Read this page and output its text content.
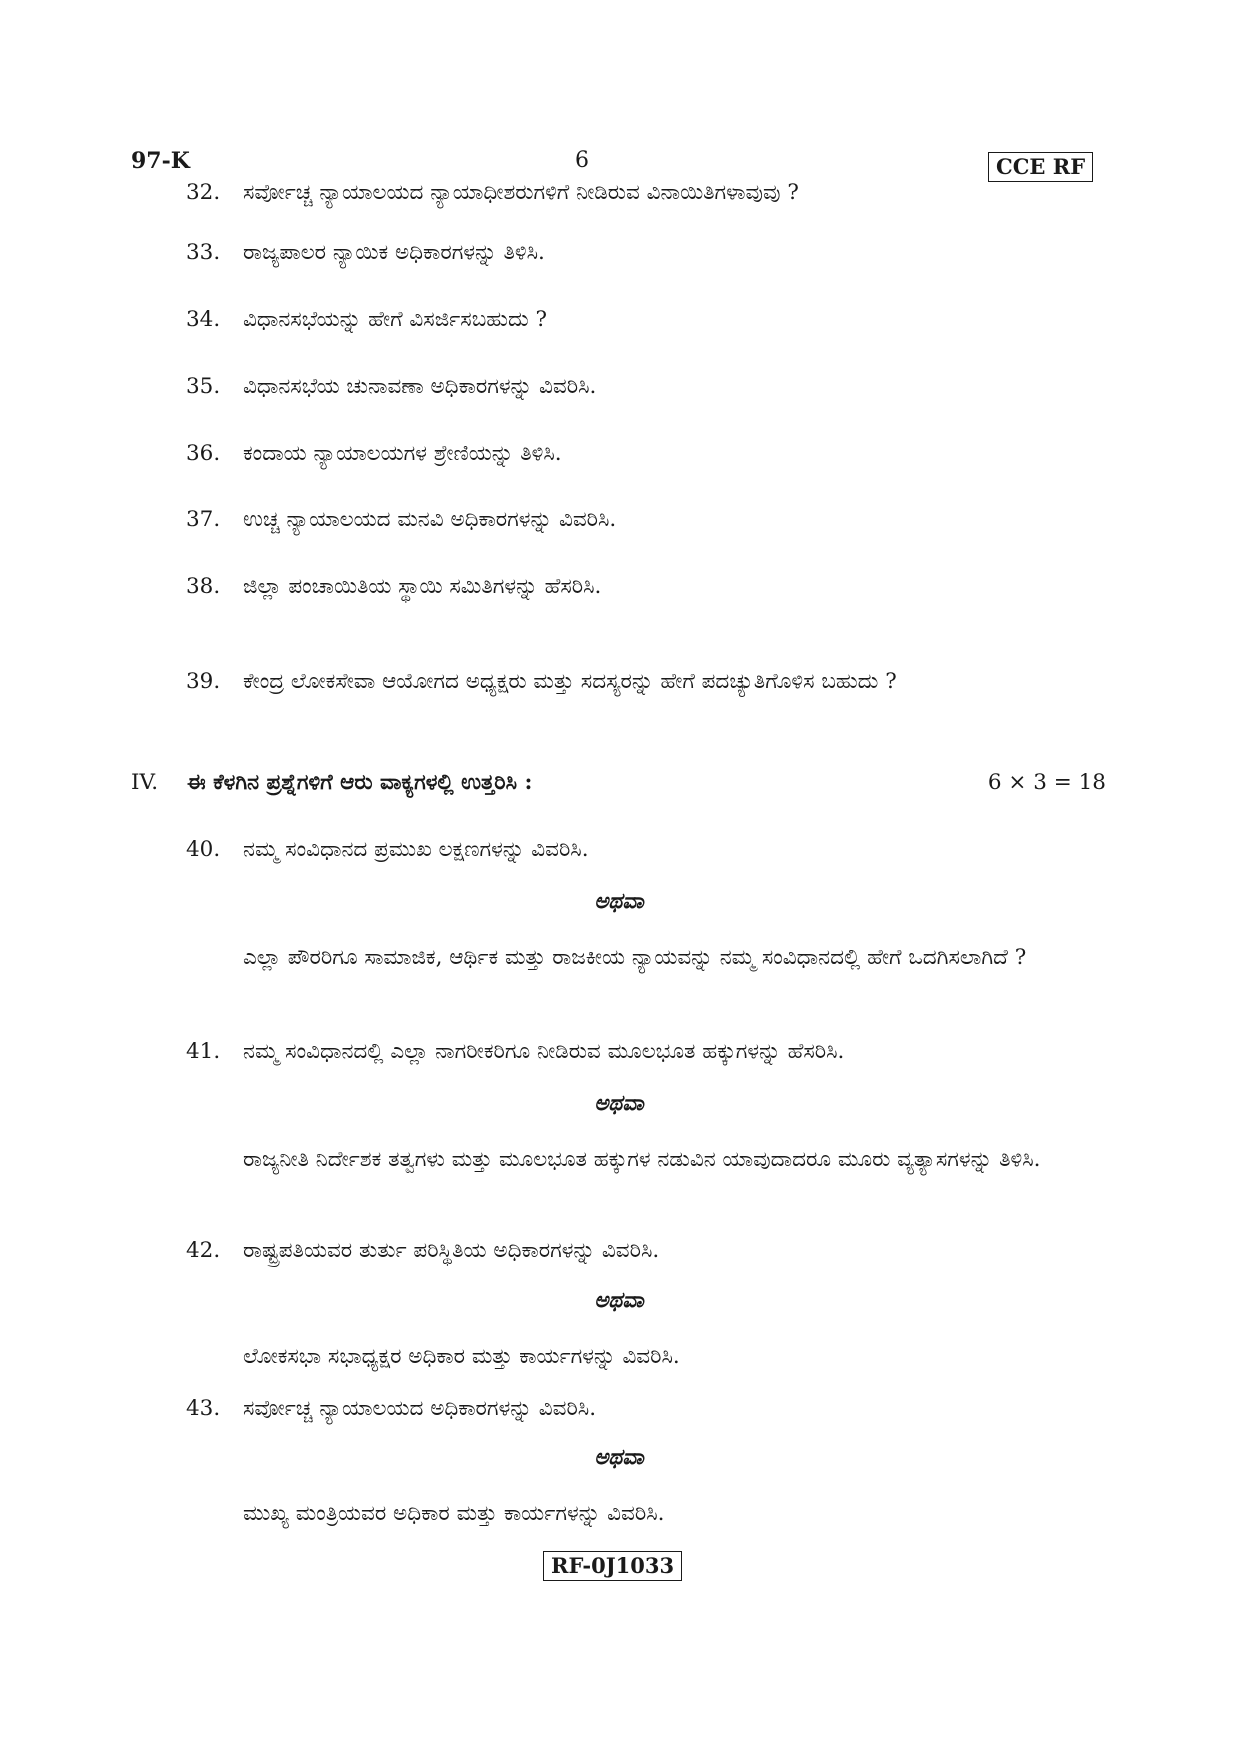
97-K	6	CCE RF
32.	ಸರ್ವೋಚ್ಚ ನ್ಯಾಯಾಲಯದ ನ್ಯಾಯಾಧೀಶರುಗಳಿಗೆ ನೀಡಿರುವ ವಿನಾಯಿತಿಗಳಾವುವು ?
33.	ರಾಜ್ಯಪಾಲರ ನ್ಯಾಯಿಕ ಅಧಿಕಾರಗಳನ್ನು ತಿಳಿಸಿ.
34.	ವಿಧಾನಸಭೆಯನ್ನು ಹೇಗೆ ವಿಸರ್ಜಿಸಬಹುದು ?
35.	ವಿಧಾನಸಭೆಯ ಚುನಾವಣಾ ಅಧಿಕಾರಗಳನ್ನು ವಿವರಿಸಿ.
36.	ಕಂದಾಯ ನ್ಯಾಯಾಲಯಗಳ ಶ್ರೇಣಿಯನ್ನು ತಿಳಿಸಿ.
37.	ಉಚ್ಚ ನ್ಯಾಯಾಲಯದ ಮನವಿ ಅಧಿಕಾರಗಳನ್ನು ವಿವರಿಸಿ.
38.	ಜಿಲ್ಲಾ ಪಂಚಾಯಿತಿಯ ಸ್ಥಾಯಿ ಸಮಿತಿಗಳನ್ನು ಹೆಸರಿಸಿ.
39.	ಕೇಂದ್ರ ಲೋಕಸೇವಾ ಆಯೋಗದ ಅಧ್ಯಕ್ಷರು ಮತ್ತು ಸದಸ್ಯರನ್ನು ಹೇಗೆ ಪದಚ್ಯುತಿಗೊಳಿಸ ಬಹುದು ?
IV. ಈ ಕೆಳಗಿನ ಪ್ರಶ್ನೆಗಳಿಗೆ ಆರು ವಾಕ್ಯಗಳಲ್ಲಿ ಉತ್ತರಿಸಿ :	6 × 3 = 18
40.	ನಮ್ಮ ಸಂವಿಧಾನದ ಪ್ರಮುಖ ಲಕ್ಷಣಗಳನ್ನು ವಿವರಿಸಿ.
ಅಥವಾ
ಎಲ್ಲಾ ಪೌರರಿಗೂ ಸಾಮಾಜಿಕ, ಆರ್ಥಿಕ ಮತ್ತು ರಾಜಕೀಯ ನ್ಯಾಯವನ್ನು ನಮ್ಮ ಸಂವಿಧಾನದಲ್ಲಿ ಹೇಗೆ ಒದಗಿಸಲಾಗಿದೆ ?
41.	ನಮ್ಮ ಸಂವಿಧಾನದಲ್ಲಿ ಎಲ್ಲಾ ನಾಗರೀಕರಿಗೂ ನೀಡಿರುವ ಮೂಲಭೂತ ಹಕ್ಕುಗಳನ್ನು ಹೆಸರಿಸಿ.
ಅಥವಾ
ರಾಜ್ಯನೀತಿ ನಿರ್ದೇಶಕ ತತ್ವಗಳು ಮತ್ತು ಮೂಲಭೂತ ಹಕ್ಕುಗಳ ನಡುವಿನ ಯಾವುದಾದರೂ ಮೂರು ವ್ಯತ್ಯಾಸಗಳನ್ನು ತಿಳಿಸಿ.
42.	ರಾಷ್ಟ್ರಪತಿಯವರ ತುರ್ತು ಪರಿಸ್ಥಿತಿಯ ಅಧಿಕಾರಗಳನ್ನು ವಿವರಿಸಿ.
ಅಥವಾ
ಲೋಕಸಭಾ ಸಭಾಧ್ಯಕ್ಷರ ಅಧಿಕಾರ ಮತ್ತು ಕಾರ್ಯಗಳನ್ನು ವಿವರಿಸಿ.
43.	ಸರ್ವೋಚ್ಚ ನ್ಯಾಯಾಲಯದ ಅಧಿಕಾರಗಳನ್ನು ವಿವರಿಸಿ.
ಅಥವಾ
ಮುಖ್ಯ ಮಂತ್ರಿಯವರ ಅಧಿಕಾರ ಮತ್ತು ಕಾರ್ಯಗಳನ್ನು ವಿವರಿಸಿ.
RF-0J1033
